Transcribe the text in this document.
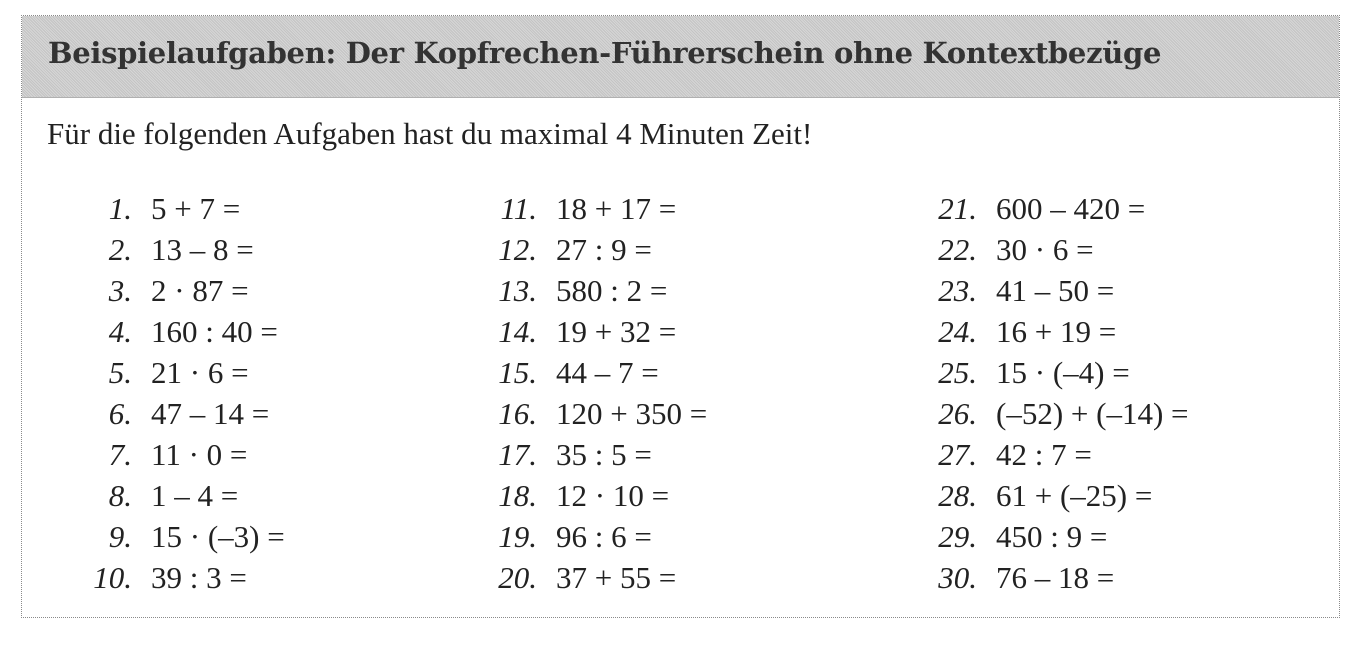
Beispielaufgaben: Der Kopfrechen-Führerschein ohne Kontextbezüge
Für die folgenden Aufgaben hast du maximal 4 Minuten Zeit!
1. 5 + 7 =
2. 13 – 8 =
3. 2 · 87 =
4. 160 : 40 =
5. 21 · 6 =
6. 47 – 14 =
7. 11 · 0 =
8. 1 – 4 =
9. 15 · (–3) =
10. 39 : 3 =
11. 18 + 17 =
12. 27 : 9 =
13. 580 : 2 =
14. 19 + 32 =
15. 44 – 7 =
16. 120 + 350 =
17. 35 : 5 =
18. 12 · 10 =
19. 96 : 6 =
20. 37 + 55 =
21. 600 – 420 =
22. 30 · 6 =
23. 41 – 50 =
24. 16 + 19 =
25. 15 · (–4) =
26. (–52) + (–14) =
27. 42 : 7 =
28. 61 + (–25) =
29. 450 : 9 =
30. 76 – 18 =
